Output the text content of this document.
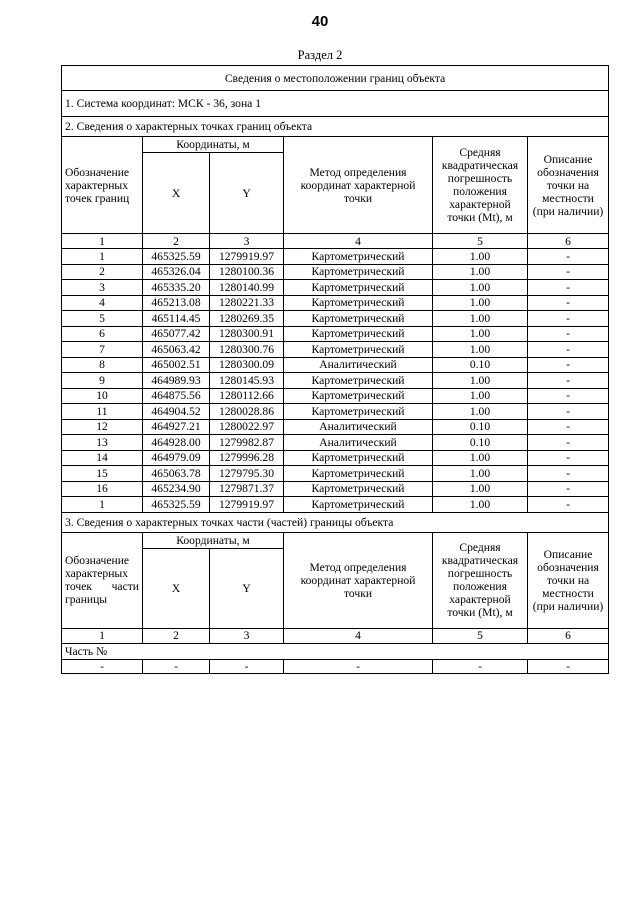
40
Раздел 2
Сведения о местоположении границ объекта					
1. Система координат: МСК - 36, зона 1					
2. Сведения о характерных точках границ объекта					
Обозначение характерных точек границ	Координаты, м		Метод определения координат характерной точки	Средняя квадратическая погрешность положения характерной точки (Mt), м	Описание обозначения точки на местности (при наличии)
	X	Y			
1	2	3	4	5	6
1	465325.59	1279919.97	Картометрический	1.00	-
2	465326.04	1280100.36	Картометрический	1.00	-
3	465335.20	1280140.99	Картометрический	1.00	-
4	465213.08	1280221.33	Картометрический	1.00	-
5	465114.45	1280269.35	Картометрический	1.00	-
6	465077.42	1280300.91	Картометрический	1.00	-
7	465063.42	1280300.76	Картометрический	1.00	-
8	465002.51	1280300.09	Аналитический	0.10	-
9	464989.93	1280145.93	Картометрический	1.00	-
10	464875.56	1280112.66	Картометрический	1.00	-
11	464904.52	1280028.86	Картометрический	1.00	-
12	464927.21	1280022.97	Аналитический	0.10	-
13	464928.00	1279982.87	Аналитический	0.10	-
14	464979.09	1279996.28	Картометрический	1.00	-
15	465063.78	1279795.30	Картометрический	1.00	-
16	465234.90	1279871.37	Картометрический	1.00	-
1	465325.59	1279919.97	Картометрический	1.00	-
3. Сведения о характерных точках части (частей) границы объекта					
Обозначение характерных точек части границы	Координаты, м		Метод определения координат характерной точки	Средняя квадратическая погрешность положения характерной точки (Mt), м	Описание обозначения точки на местности (при наличии)
	X	Y			
1	2	3	4	5	6
Часть №					
-	-	-	-	-	-
